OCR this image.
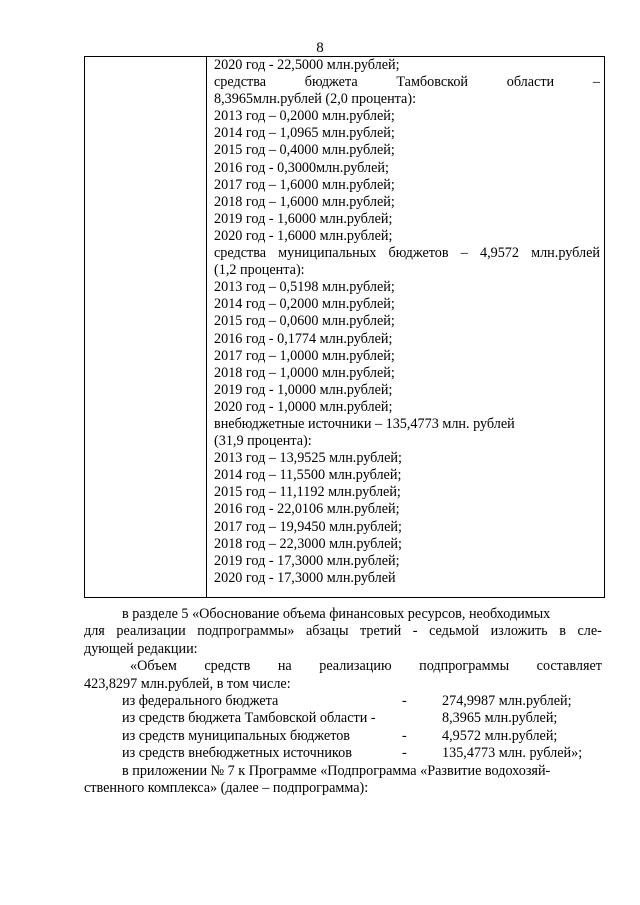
8
2020 год - 22,5000 млн.рублей;
средства	бюджета	Тамбовской	области	–
8,3965млн.рублей (2,0 процента):
2013 год – 0,2000 млн.рублей;
2014 год – 1,0965 млн.рублей;
2015 год – 0,4000 млн.рублей;
2016 год - 0,3000млн.рублей;
2017 год – 1,6000 млн.рублей;
2018 год – 1,6000 млн.рублей;
2019 год - 1,6000 млн.рублей;
2020 год - 1,6000 млн.рублей;
средства муниципальных бюджетов – 4,9572 млн.рублей
(1,2 процента):
2013 год – 0,5198 млн.рублей;
2014 год – 0,2000 млн.рублей;
2015 год – 0,0600 млн.рублей;
2016 год - 0,1774 млн.рублей;
2017 год – 1,0000 млн.рублей;
2018 год – 1,0000 млн.рублей;
2019 год - 1,0000 млн.рублей;
2020 год - 1,0000 млн.рублей;
внебюджетные источники – 135,4773 млн. рублей
(31,9 процента):
2013 год – 13,9525 млн.рублей;
2014 год – 11,5500 млн.рублей;
2015 год – 11,1192 млн.рублей;
2016 год - 22,0106 млн.рублей;
2017 год – 19,9450 млн.рублей;
2018 год – 22,3000 млн.рублей;
2019 год - 17,3000 млн.рублей;
2020 год - 17,3000 млн.рублей
в разделе 5 «Обоснование объема финансовых ресурсов, необходимых
для реализации подпрограммы» абзацы третий - седьмой изложить в сле-
дующей редакции:
«Объем средств на реализацию подпрограммы составляет
423,8297 млн.рублей, в том числе:
из федерального бюджета	-	274,9987 млн.рублей;
из средств бюджета Тамбовской области -	8,3965 млн.рублей;
из средств муниципальных бюджетов	-	4,9572 млн.рублей;
из средств внебюджетных источников	-	135,4773 млн. рублей»;
в приложении № 7 к Программе «Подпрограмма «Развитие водохозяй-
ственного комплекса» (далее – подпрограмма):
